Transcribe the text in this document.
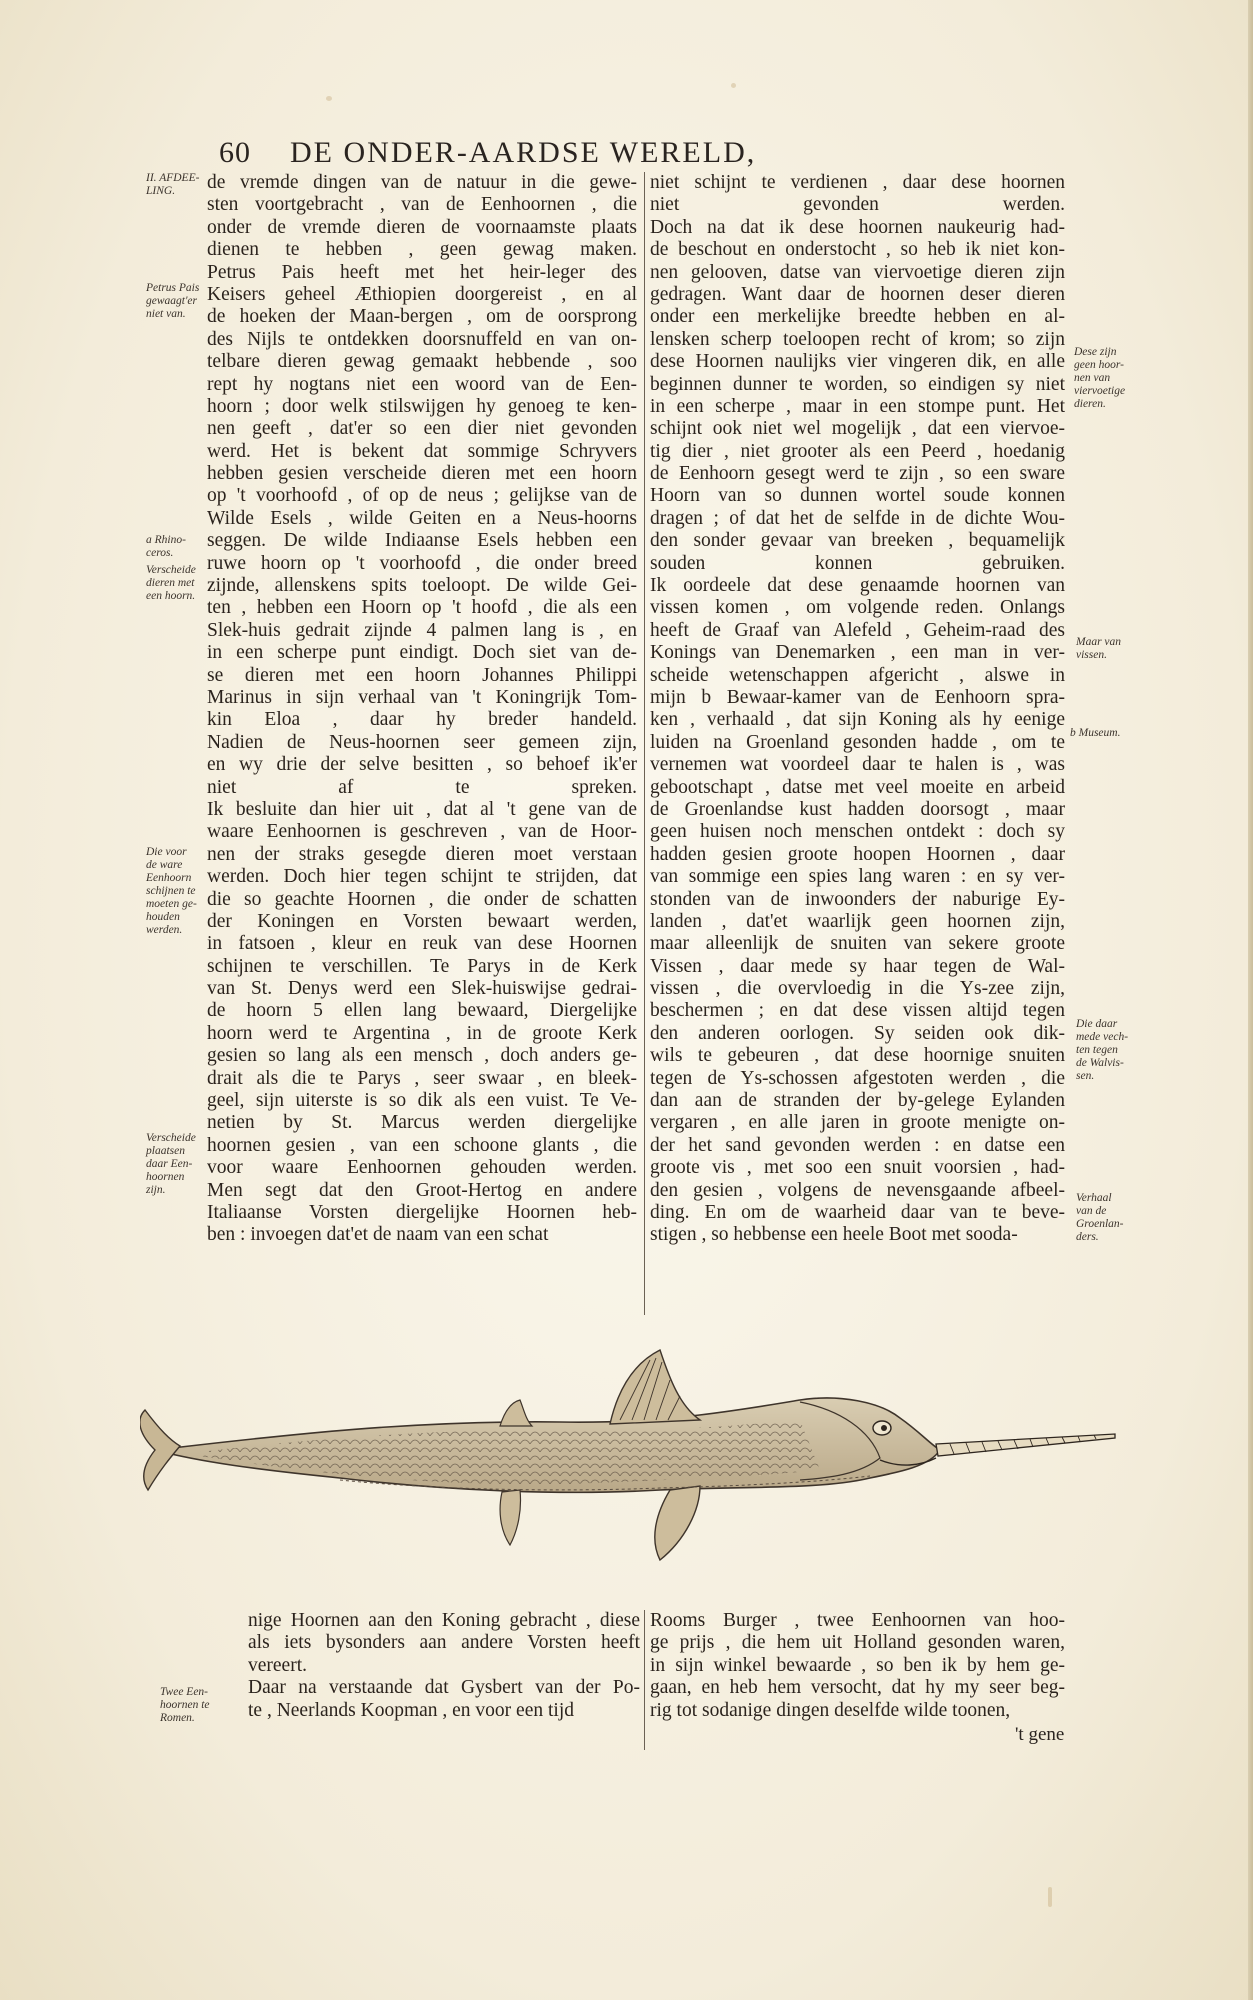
60 DE ONDER-AARDSE WERELD,
de vremde dingen van de natuur in die gewe-
sten voortgebracht , van de Eenhoornen , die
onder de vremde dieren de voornaamste plaats
dienen te hebben , geen gewag maken.
Petrus Pais heeft met het heir-leger des
Keisers geheel Æthiopien doorgereist , en al
de hoeken der Maan-bergen , om de oorsprong
des Nijls te ontdekken doorsnuffeld en van on-
telbare dieren gewag gemaakt hebbende , soo
rept hy nogtans niet een woord van de Een-
hoorn ; door welk stilswijgen hy genoeg te ken-
nen geeft , dat'er so een dier niet gevonden
werd. Het is bekent dat sommige Schryvers
hebben gesien verscheide dieren met een hoorn
op 't voorhoofd , of op de neus ; gelijkse van de
Wilde Esels , wilde Geiten en a Neus-hoorns
seggen. De wilde Indiaanse Esels hebben een
ruwe hoorn op 't voorhoofd , die onder breed
zijnde, allenskens spits toeloopt. De wilde Gei-
ten , hebben een Hoorn op 't hoofd , die als een
Slek-huis gedrait zijnde 4 palmen lang is , en
in een scherpe punt eindigt. Doch siet van de-
se dieren met een hoorn Johannes Philippi
Marinus in sijn verhaal van 't Koningrijk Tom-
kin Eloa , daar hy breder handeld.
Nadien de Neus-hoornen seer gemeen zijn,
en wy drie der selve besitten , so behoef ik'er
niet af te spreken.
Ik besluite dan hier uit , dat al 't gene van de
waare Eenhoornen is geschreven , van de Hoor-
nen der straks gesegde dieren moet verstaan
werden. Doch hier tegen schijnt te strijden, dat
die so geachte Hoornen , die onder de schatten
der Koningen en Vorsten bewaart werden,
in fatsoen , kleur en reuk van dese Hoornen
schijnen te verschillen. Te Parys in de Kerk
van St. Denys werd een Slek-huiswijse gedrai-
de hoorn 5 ellen lang bewaard, Diergelijke
hoorn werd te Argentina , in de groote Kerk
gesien so lang als een mensch , doch anders ge-
drait als die te Parys , seer swaar , en bleek-
geel, sijn uiterste is so dik als een vuist. Te Ve-
netien by St. Marcus werden diergelijke
hoornen gesien , van een schoone glants , die
voor waare Eenhoornen gehouden werden.
Men segt dat den Groot-Hertog en andere
Italiaanse Vorsten diergelijke Hoornen heb-
ben : invoegen dat'et de naam van een schat
niet schijnt te verdienen , daar dese hoornen
niet gevonden werden.
Doch na dat ik dese hoornen naukeurig had-
de beschout en onderstocht , so heb ik niet kon-
nen gelooven, datse van viervoetige dieren zijn
gedragen. Want daar de hoornen deser dieren
onder een merkelijke breedte hebben en al-
lensken scherp toeloopen recht of krom; so zijn
dese Hoornen naulijks vier vingeren dik, en alle
beginnen dunner te worden, so eindigen sy niet
in een scherpe , maar in een stompe punt. Het
schijnt ook niet wel mogelijk , dat een viervoe-
tig dier , niet grooter als een Peerd , hoedanig
de Eenhoorn gesegt werd te zijn , so een sware
Hoorn van so dunnen wortel soude konnen
dragen ; of dat het de selfde in de dichte Wou-
den sonder gevaar van breeken , bequamelijk
souden konnen gebruiken.
Ik oordeele dat dese genaamde hoornen van
vissen komen , om volgende reden. Onlangs
heeft de Graaf van Alefeld , Geheim-raad des
Konings van Denemarken , een man in ver-
scheide wetenschappen afgericht , alswe in
mijn b Bewaar-kamer van de Eenhoorn spra-
ken , verhaald , dat sijn Koning als hy eenige
luiden na Groenland gesonden hadde , om te
vernemen wat voordeel daar te halen is , was
gebootschapt , datse met veel moeite en arbeid
de Groenlandse kust hadden doorsogt , maar
geen huisen noch menschen ontdekt : doch sy
hadden gesien groote hoopen Hoornen , daar
van sommige een spies lang waren : en sy ver-
stonden van de inwoonders der naburige Ey-
landen , dat'et waarlijk geen hoornen zijn,
maar alleenlijk de snuiten van sekere groote
Vissen , daar mede sy haar tegen de Wal-
vissen , die overvloedig in die Ys-zee zijn,
beschermen ; en dat dese vissen altijd tegen
den anderen oorlogen. Sy seiden ook dik-
wils te gebeuren , dat dese hoornige snuiten
tegen de Ys-schossen afgestoten werden , die
dan aan de stranden der by-gelege Eylanden
vergaren , en alle jaren in groote menigte on-
der het sand gevonden werden : en datse een
groote vis , met soo een snuit voorsien , had-
den gesien , volgens de nevensgaande afbeel-
ding. En om de waarheid daar van te beve-
stigen , so hebbense een heele Boot met sooda-
nige Hoornen aan den Koning gebracht , diese
als iets bysonders aan andere Vorsten heeft
vereert.
Daar na verstaande dat Gysbert van der Po-
te , Neerlands Koopman , en voor een tijd
Rooms Burger , twee Eenhoornen van hoo-
ge prijs , die hem uit Holland gesonden waren,
in sijn winkel bewaarde , so ben ik by hem ge-
gaan, en heb hem versocht, dat hy my seer beg-
rig tot sodanige dingen deselfde wilde toonen,
II. AFDEE-
LING.
Petrus Pais
gewaagt'er
niet van.
a Rhino-
ceros.
Verscheide
dieren met
een hoorn.
Die voor
de ware
Eenhoorn
schijnen te
moeten ge-
houden
werden.
Verscheide
plaatsen
daar Een-
hoornen
zijn.
Twee Een-
hoornen te
Romen.
Dese zijn
geen hoor-
nen van
viervoetige
dieren.
Maar van
vissen.
b Museum.
Die daar
mede vech-
ten tegen
de Walvis-
sen.
Verhaal
van de
Groenlan-
ders.
't gene
